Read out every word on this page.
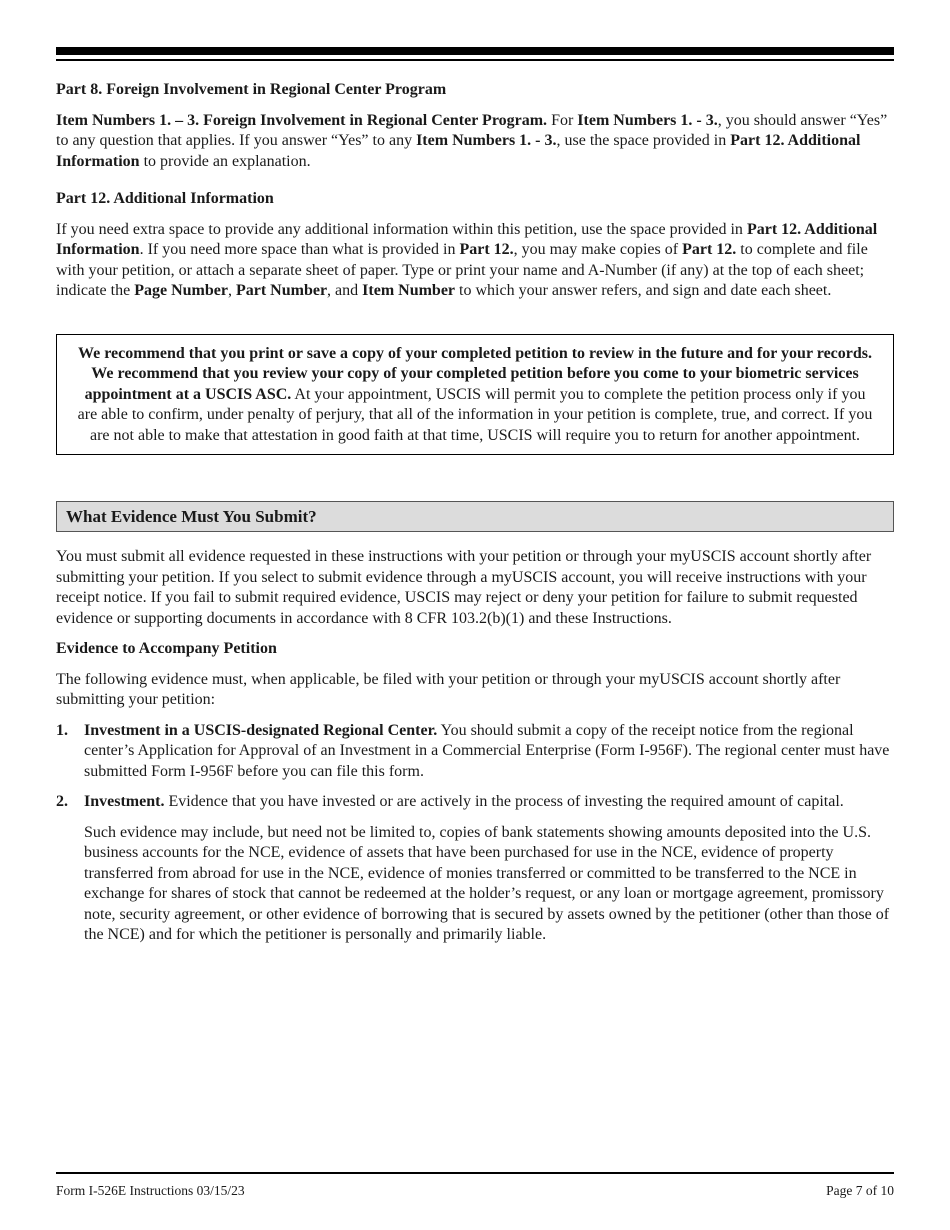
Part 8. Foreign Involvement in Regional Center Program

Item Numbers 1. – 3. Foreign Involvement in Regional Center Program. For Item Numbers 1. - 3., you should answer “Yes” to any question that applies. If you answer “Yes” to any Item Numbers 1. - 3., use the space provided in Part 12. Additional Information to provide an explanation.

Part 12. Additional Information

If you need extra space to provide any additional information within this petition, use the space provided in Part 12. Additional Information. If you need more space than what is provided in Part 12., you may make copies of Part 12. to complete and file with your petition, or attach a separate sheet of paper. Type or print your name and A-Number (if any) at the top of each sheet; indicate the Page Number, Part Number, and Item Number to which your answer refers, and sign and date each sheet.

We recommend that you print or save a copy of your completed petition to review in the future and for your records. We recommend that you review your copy of your completed petition before you come to your biometric services appointment at a USCIS ASC. At your appointment, USCIS will permit you to complete the petition process only if you are able to confirm, under penalty of perjury, that all of the information in your petition is complete, true, and correct. If you are not able to make that attestation in good faith at that time, USCIS will require you to return for another appointment.
What Evidence Must You Submit?

You must submit all evidence requested in these instructions with your petition or through your myUSCIS account shortly after submitting your petition. If you select to submit evidence through a myUSCIS account, you will receive instructions with your receipt notice. If you fail to submit required evidence, USCIS may reject or deny your petition for failure to submit requested evidence or supporting documents in accordance with 8 CFR 103.2(b)(1) and these Instructions.

Evidence to Accompany Petition

The following evidence must, when applicable, be filed with your petition or through your myUSCIS account shortly after submitting your petition:

1. Investment in a USCIS-designated Regional Center. You should submit a copy of the receipt notice from the regional center’s Application for Approval of an Investment in a Commercial Enterprise (Form I-956F). The regional center must have submitted Form I-956F before you can file this form.
2. Investment. Evidence that you have invested or are actively in the process of investing the required amount of capital.

Such evidence may include, but need not be limited to, copies of bank statements showing amounts deposited into the U.S. business accounts for the NCE, evidence of assets that have been purchased for use in the NCE, evidence of property transferred from abroad for use in the NCE, evidence of monies transferred or committed to be transferred to the NCE in exchange for shares of stock that cannot be redeemed at the holder’s request, or any loan or mortgage agreement, promissory note, security agreement, or other evidence of borrowing that is secured by assets owned by the petitioner (other than those of the NCE) and for which the petitioner is personally and primarily liable.

Form I-526E Instructions 03/15/23	Page 7 of 10
